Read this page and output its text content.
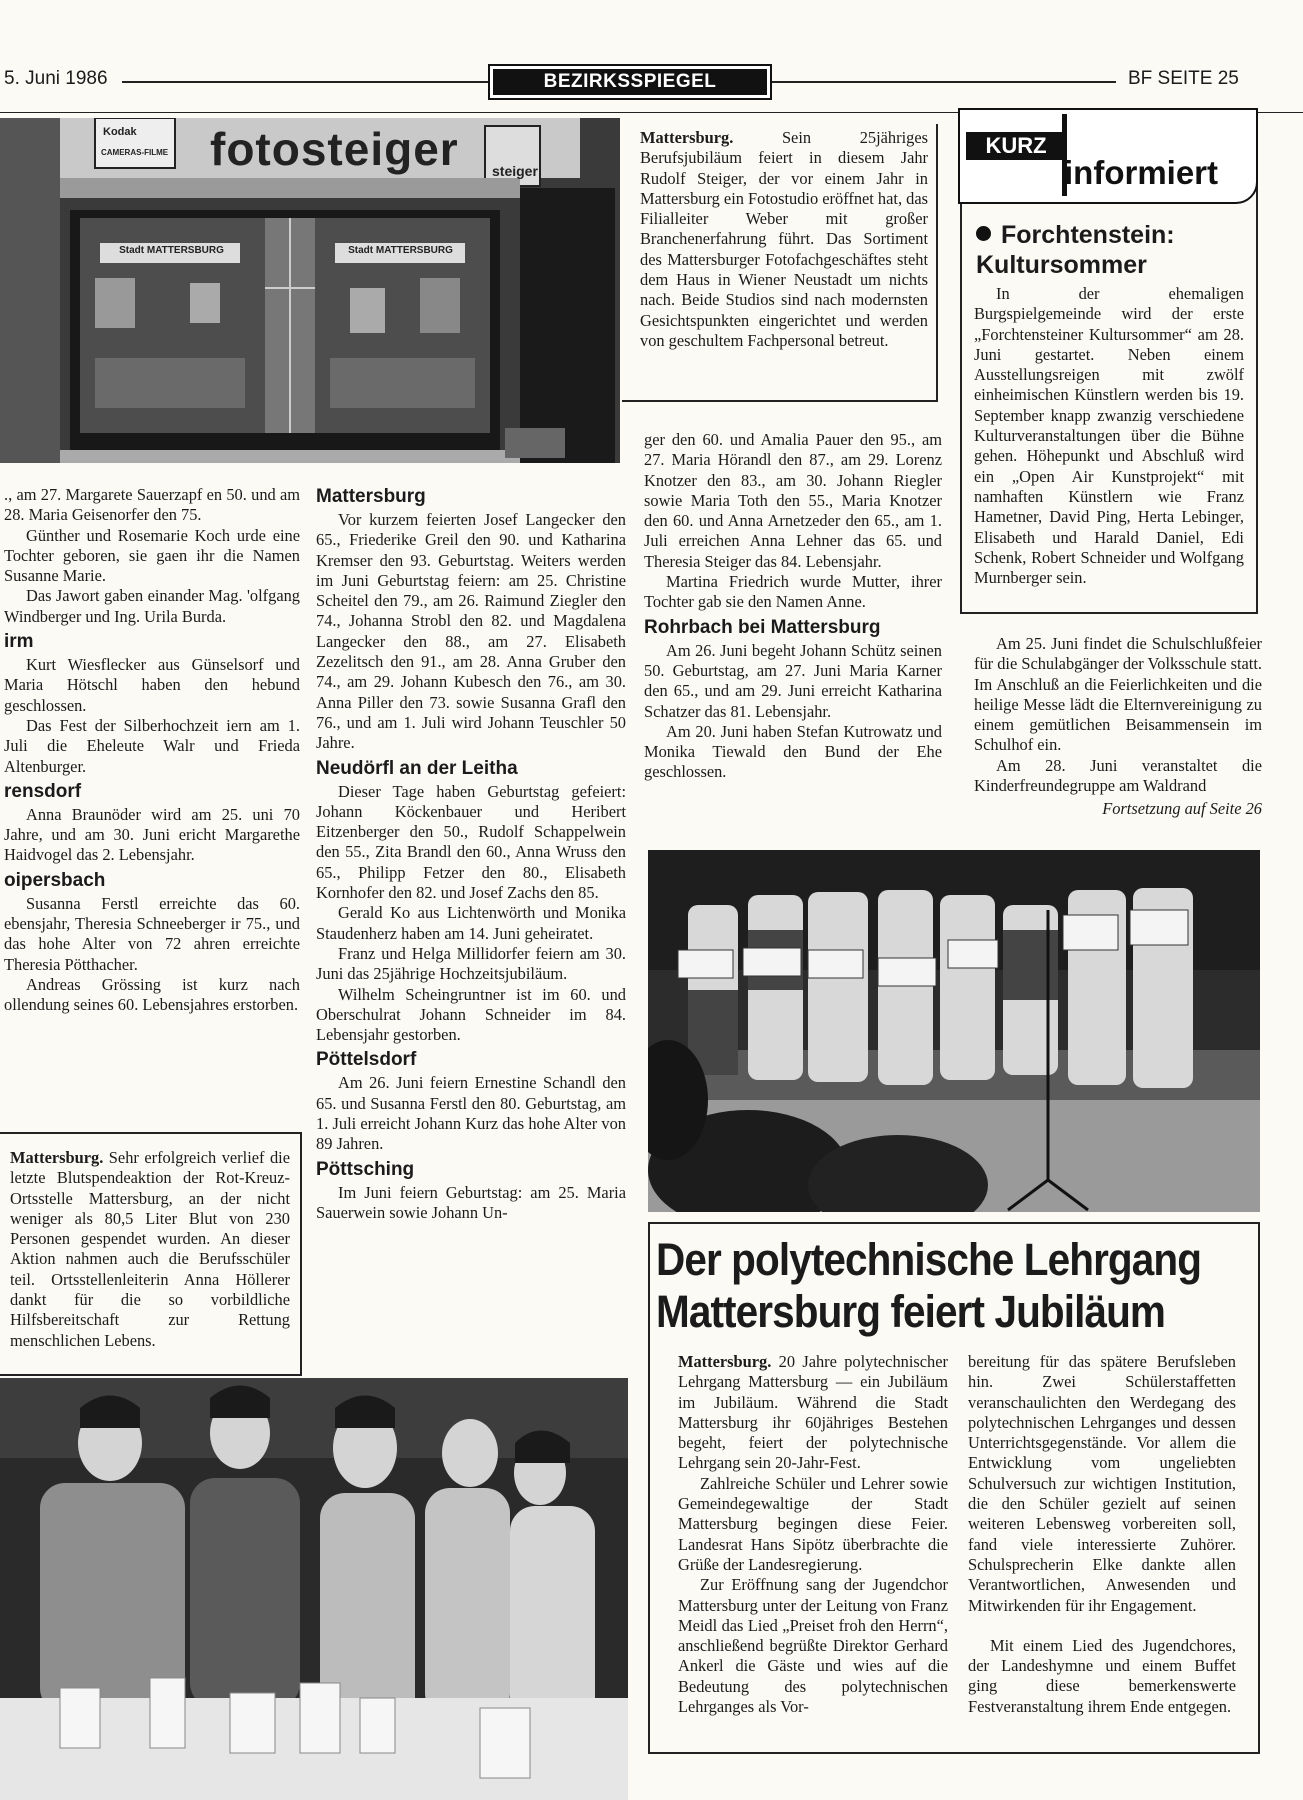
5. Juni 1986	BEZIRKSSPIEGEL	BF SEITE 25
fotosteiger
Kodak
CAMERAS-FILME
steiger
Stadt MATTERSBURG	Stadt MATTERSBURG

Mattersburg. Sein 25jähriges Berufsjubiläum feiert in diesem Jahr Rudolf Steiger, der vor einem Jahr in Mattersburg ein Fotostudio eröffnet hat, das Filialleiter Weber mit großer Branchenerfahrung führt. Das Sortiment des Mattersburger Fotofachgeschäftes steht dem Haus in Wiener Neustadt um nichts nach. Beide Studios sind nach modernsten Gesichtspunkten eingerichtet und werden von geschultem Fachpersonal betreut.

KURZ
informiert
Forchtenstein:
Kultursommer

In der ehemaligen Burgspielgemeinde wird der erste „Forchtensteiner Kultursommer“ am 28. Juni gestartet. Neben einem Ausstellungsreigen mit zwölf einheimischen Künstlern werden bis 19. September knapp zwanzig verschiedene Kulturveranstaltungen über die Bühne gehen. Höhepunkt und Abschluß wird ein „Open Air Kunstprojekt“ mit namhaften Künstlern wie Franz Hametner, David Ping, Herta Lebinger, Elisabeth und Harald Daniel, Edi Schenk, Robert Schneider und Wolfgang Murnberger sein.

., am 27. Margarete Sauerzapf en 50. und am 28. Maria Geisenorfer den 75.

Günther und Rosemarie Koch urde eine Tochter geboren, sie gaen ihr die Namen Susanne Marie.

Das Jawort gaben einander Mag. 'olfgang Windberger und Ing. Urila Burda.

irm

Kurt Wiesflecker aus Günselsorf und Maria Hötschl haben den hebund geschlossen.

Das Fest der Silberhochzeit iern am 1. Juli die Eheleute Walr und Frieda Altenburger.

rensdorf

Anna Braunöder wird am 25. uni 70 Jahre, und am 30. Juni ericht Margarethe Haidvogel das 2. Lebensjahr.

oipersbach

Susanna Ferstl erreichte das 60. ebensjahr, Theresia Schneeberger ir 75., und das hohe Alter von 72 ahren erreichte Theresia Pötthacher.

Andreas Grössing ist kurz nach ollendung seines 60. Lebensjahres erstorben.

Mattersburg. Sehr erfolgreich verlief die letzte Blutspendeaktion der Rot-Kreuz-Ortsstelle Mattersburg, an der nicht weniger als 80,5 Liter Blut von 230 Personen gespendet wurden. An dieser Aktion nahmen auch die Berufsschüler teil. Ortsstellenleiterin Anna Höllerer dankt für die so vorbildliche Hilfsbereitschaft zur Rettung menschlichen Lebens.

Mattersburg

Vor kurzem feierten Josef Langecker den 65., Friederike Greil den 90. und Katharina Kremser den 93. Geburtstag. Weiters werden im Juni Geburtstag feiern: am 25. Christine Scheitel den 79., am 26. Raimund Ziegler den 74., Johanna Strobl den 82. und Magdalena Langecker den 88., am 27. Elisabeth Zezelitsch den 91., am 28. Anna Gruber den 74., am 29. Johann Kubesch den 76., am 30. Anna Piller den 73. sowie Susanna Grafl den 76., und am 1. Juli wird Johann Teuschler 50 Jahre.

Neudörfl an der Leitha

Dieser Tage haben Geburtstag gefeiert: Johann Köckenbauer und Heribert Eitzenberger den 50., Rudolf Schappelwein den 55., Zita Brandl den 60., Anna Wruss den 65., Philipp Fetzer den 80., Elisabeth Kornhofer den 82. und Josef Zachs den 85.

Gerald Ko aus Lichtenwörth und Monika Staudenherz haben am 14. Juni geheiratet.

Franz und Helga Millidorfer feiern am 30. Juni das 25jährige Hochzeitsjubiläum.

Wilhelm Scheingruntner ist im 60. und Oberschulrat Johann Schneider im 84. Lebensjahr gestorben.

Pöttelsdorf

Am 26. Juni feiern Ernestine Schandl den 65. und Susanna Ferstl den 80. Geburtstag, am 1. Juli erreicht Johann Kurz das hohe Alter von 89 Jahren.

Pöttsching

Im Juni feiern Geburtstag: am 25. Maria Sauerwein sowie Johann Un-

ger den 60. und Amalia Pauer den 95., am 27. Maria Hörandl den 87., am 29. Lorenz Knotzer den 83., am 30. Johann Riegler sowie Maria Toth den 55., Maria Knotzer den 60. und Anna Arnetzeder den 65., am 1. Juli erreichen Anna Lehner das 65. und Theresia Steiger das 84. Lebensjahr.

Martina Friedrich wurde Mutter, ihrer Tochter gab sie den Namen Anne.

Rohrbach bei Mattersburg

Am 26. Juni begeht Johann Schütz seinen 50. Geburtstag, am 27. Juni Maria Karner den 65., und am 29. Juni erreicht Katharina Schatzer das 81. Lebensjahr.

Am 20. Juni haben Stefan Kutrowatz und Monika Tiewald den Bund der Ehe geschlossen.

Am 25. Juni findet die Schulschlußfeier für die Schulabgänger der Volksschule statt. Im Anschluß an die Feierlichkeiten und die heilige Messe lädt die Elternvereinigung zu einem gemütlichen Beisammensein im Schulhof ein.

Am 28. Juni veranstaltet die Kinderfreundegruppe am Waldrand

Fortsetzung auf Seite 26
Der polytechnische Lehrgang
Mattersburg feiert Jubiläum

Mattersburg. 20 Jahre polytechnischer Lehrgang Mattersburg — ein Jubiläum im Jubiläum. Während die Stadt Mattersburg ihr 60jähriges Bestehen begeht, feiert der polytechnische Lehrgang sein 20-Jahr-Fest.

Zahlreiche Schüler und Lehrer sowie Gemeindegewaltige der Stadt Mattersburg begingen diese Feier. Landesrat Hans Sipötz überbrachte die Grüße der Landesregierung.

Zur Eröffnung sang der Jugendchor Mattersburg unter der Leitung von Franz Meidl das Lied „Preiset froh den Herrn“, anschließend begrüßte Direktor Gerhard Ankerl die Gäste und wies auf die Bedeutung des polytechnischen Lehrganges als Vor-

bereitung für das spätere Berufsleben hin. Zwei Schülerstaffetten veranschaulichten den Werdegang des polytechnischen Lehrganges und dessen Unterrichtsgegenstände. Vor allem die Entwicklung vom ungeliebten Schulversuch zur wichtigen Institution, die den Schüler gezielt auf seinen weiteren Lebensweg vorbereiten soll, fand viele interessierte Zuhörer. Schulsprecherin Elke dankte allen Verantwortlichen, Anwesenden und Mitwirkenden für ihr Engagement.

Mit einem Lied des Jugendchores, der Landeshymne und einem Buffet ging diese bemerkenswerte Festveranstaltung ihrem Ende entgegen.
